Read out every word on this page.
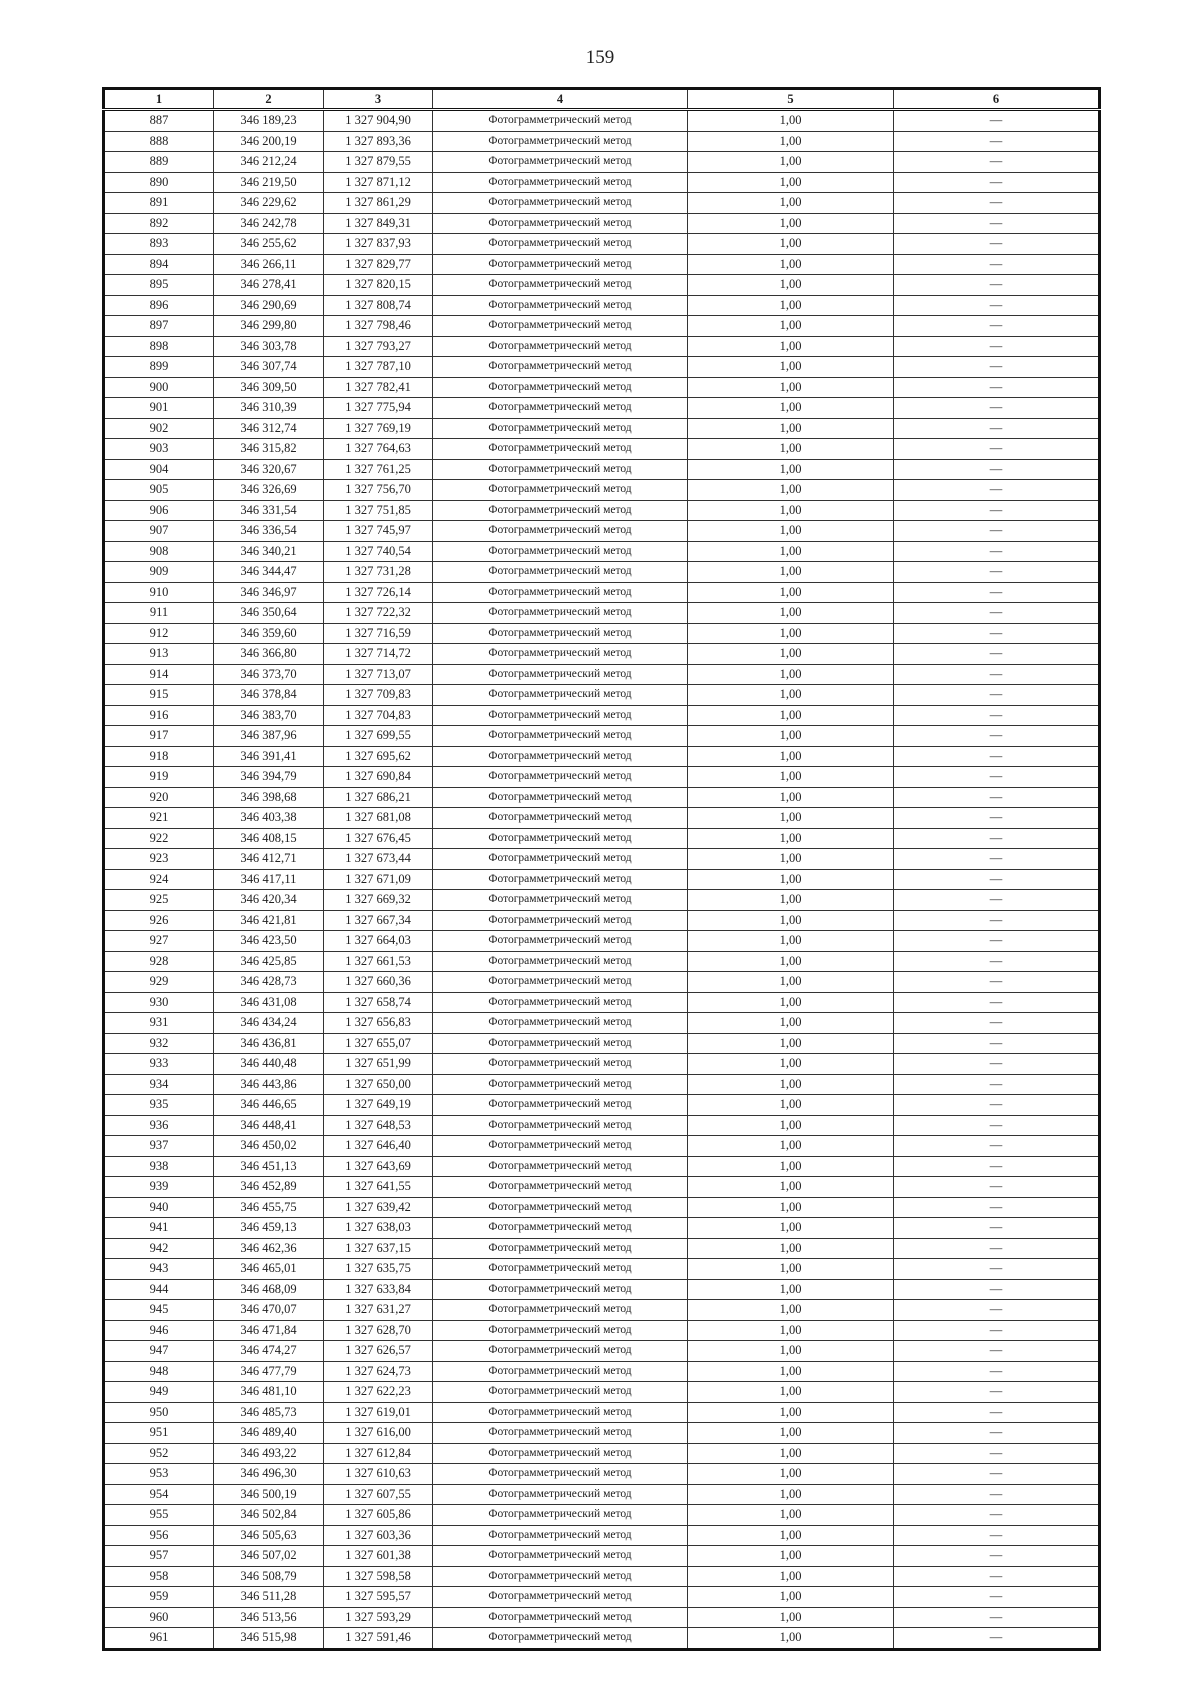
159
1	2	3	4	5	6
887	346 189,23	1 327 904,90	Фотограмметрический метод	1,00	—
888	346 200,19	1 327 893,36	Фотограмметрический метод	1,00	—
889	346 212,24	1 327 879,55	Фотограмметрический метод	1,00	—
890	346 219,50	1 327 871,12	Фотограмметрический метод	1,00	—
891	346 229,62	1 327 861,29	Фотограмметрический метод	1,00	—
892	346 242,78	1 327 849,31	Фотограмметрический метод	1,00	—
893	346 255,62	1 327 837,93	Фотограмметрический метод	1,00	—
894	346 266,11	1 327 829,77	Фотограмметрический метод	1,00	—
895	346 278,41	1 327 820,15	Фотограмметрический метод	1,00	—
896	346 290,69	1 327 808,74	Фотограмметрический метод	1,00	—
897	346 299,80	1 327 798,46	Фотограмметрический метод	1,00	—
898	346 303,78	1 327 793,27	Фотограмметрический метод	1,00	—
899	346 307,74	1 327 787,10	Фотограмметрический метод	1,00	—
900	346 309,50	1 327 782,41	Фотограмметрический метод	1,00	—
901	346 310,39	1 327 775,94	Фотограмметрический метод	1,00	—
902	346 312,74	1 327 769,19	Фотограмметрический метод	1,00	—
903	346 315,82	1 327 764,63	Фотограмметрический метод	1,00	—
904	346 320,67	1 327 761,25	Фотограмметрический метод	1,00	—
905	346 326,69	1 327 756,70	Фотограмметрический метод	1,00	—
906	346 331,54	1 327 751,85	Фотограмметрический метод	1,00	—
907	346 336,54	1 327 745,97	Фотограмметрический метод	1,00	—
908	346 340,21	1 327 740,54	Фотограмметрический метод	1,00	—
909	346 344,47	1 327 731,28	Фотограмметрический метод	1,00	—
910	346 346,97	1 327 726,14	Фотограмметрический метод	1,00	—
911	346 350,64	1 327 722,32	Фотограмметрический метод	1,00	—
912	346 359,60	1 327 716,59	Фотограмметрический метод	1,00	—
913	346 366,80	1 327 714,72	Фотограмметрический метод	1,00	—
914	346 373,70	1 327 713,07	Фотограмметрический метод	1,00	—
915	346 378,84	1 327 709,83	Фотограмметрический метод	1,00	—
916	346 383,70	1 327 704,83	Фотограмметрический метод	1,00	—
917	346 387,96	1 327 699,55	Фотограмметрический метод	1,00	—
918	346 391,41	1 327 695,62	Фотограмметрический метод	1,00	—
919	346 394,79	1 327 690,84	Фотограмметрический метод	1,00	—
920	346 398,68	1 327 686,21	Фотограмметрический метод	1,00	—
921	346 403,38	1 327 681,08	Фотограмметрический метод	1,00	—
922	346 408,15	1 327 676,45	Фотограмметрический метод	1,00	—
923	346 412,71	1 327 673,44	Фотограмметрический метод	1,00	—
924	346 417,11	1 327 671,09	Фотограмметрический метод	1,00	—
925	346 420,34	1 327 669,32	Фотограмметрический метод	1,00	—
926	346 421,81	1 327 667,34	Фотограмметрический метод	1,00	—
927	346 423,50	1 327 664,03	Фотограмметрический метод	1,00	—
928	346 425,85	1 327 661,53	Фотограмметрический метод	1,00	—
929	346 428,73	1 327 660,36	Фотограмметрический метод	1,00	—
930	346 431,08	1 327 658,74	Фотограмметрический метод	1,00	—
931	346 434,24	1 327 656,83	Фотограмметрический метод	1,00	—
932	346 436,81	1 327 655,07	Фотограмметрический метод	1,00	—
933	346 440,48	1 327 651,99	Фотограмметрический метод	1,00	—
934	346 443,86	1 327 650,00	Фотограмметрический метод	1,00	—
935	346 446,65	1 327 649,19	Фотограмметрический метод	1,00	—
936	346 448,41	1 327 648,53	Фотограмметрический метод	1,00	—
937	346 450,02	1 327 646,40	Фотограмметрический метод	1,00	—
938	346 451,13	1 327 643,69	Фотограмметрический метод	1,00	—
939	346 452,89	1 327 641,55	Фотограмметрический метод	1,00	—
940	346 455,75	1 327 639,42	Фотограмметрический метод	1,00	—
941	346 459,13	1 327 638,03	Фотограмметрический метод	1,00	—
942	346 462,36	1 327 637,15	Фотограмметрический метод	1,00	—
943	346 465,01	1 327 635,75	Фотограмметрический метод	1,00	—
944	346 468,09	1 327 633,84	Фотограмметрический метод	1,00	—
945	346 470,07	1 327 631,27	Фотограмметрический метод	1,00	—
946	346 471,84	1 327 628,70	Фотограмметрический метод	1,00	—
947	346 474,27	1 327 626,57	Фотограмметрический метод	1,00	—
948	346 477,79	1 327 624,73	Фотограмметрический метод	1,00	—
949	346 481,10	1 327 622,23	Фотограмметрический метод	1,00	—
950	346 485,73	1 327 619,01	Фотограмметрический метод	1,00	—
951	346 489,40	1 327 616,00	Фотограмметрический метод	1,00	—
952	346 493,22	1 327 612,84	Фотограмметрический метод	1,00	—
953	346 496,30	1 327 610,63	Фотограмметрический метод	1,00	—
954	346 500,19	1 327 607,55	Фотограмметрический метод	1,00	—
955	346 502,84	1 327 605,86	Фотограмметрический метод	1,00	—
956	346 505,63	1 327 603,36	Фотограмметрический метод	1,00	—
957	346 507,02	1 327 601,38	Фотограмметрический метод	1,00	—
958	346 508,79	1 327 598,58	Фотограмметрический метод	1,00	—
959	346 511,28	1 327 595,57	Фотограмметрический метод	1,00	—
960	346 513,56	1 327 593,29	Фотограмметрический метод	1,00	—
961	346 515,98	1 327 591,46	Фотограмметрический метод	1,00	—
